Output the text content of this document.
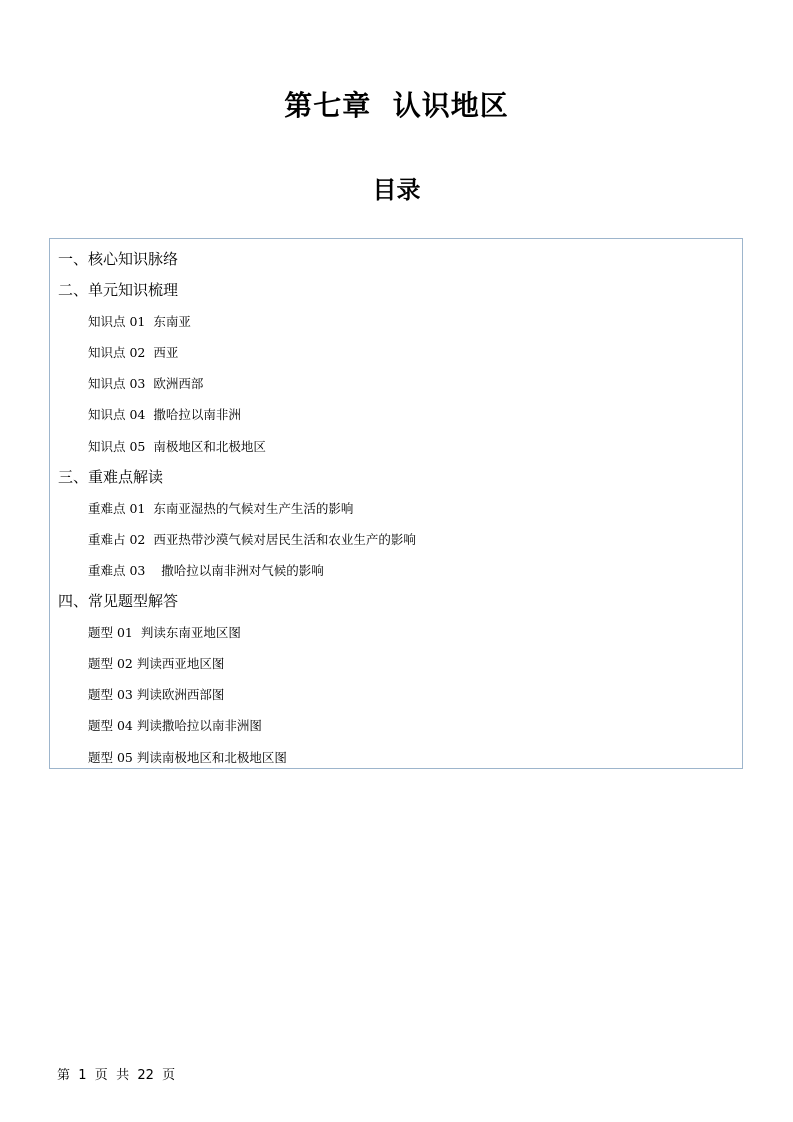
第七章  认识地区
目录
一、核心知识脉络
二、单元知识梳理
知识点 01  东南亚
知识点 02  西亚
知识点 03  欧洲西部
知识点 04  撒哈拉以南非洲
知识点 05  南极地区和北极地区
三、重难点解读
重难点 01  东南亚湿热的气候对生产生活的影响
重难占 02  西亚热带沙漠气候对居民生活和农业生产的影响
重难点 03    撒哈拉以南非洲对气候的影响
四、常见题型解答
题型 01  判读东南亚地区图
题型 02 判读西亚地区图
题型 03 判读欧洲西部图
题型 04 判读撒哈拉以南非洲图
题型 05 判读南极地区和北极地区图
第  1  页  共  22  页
